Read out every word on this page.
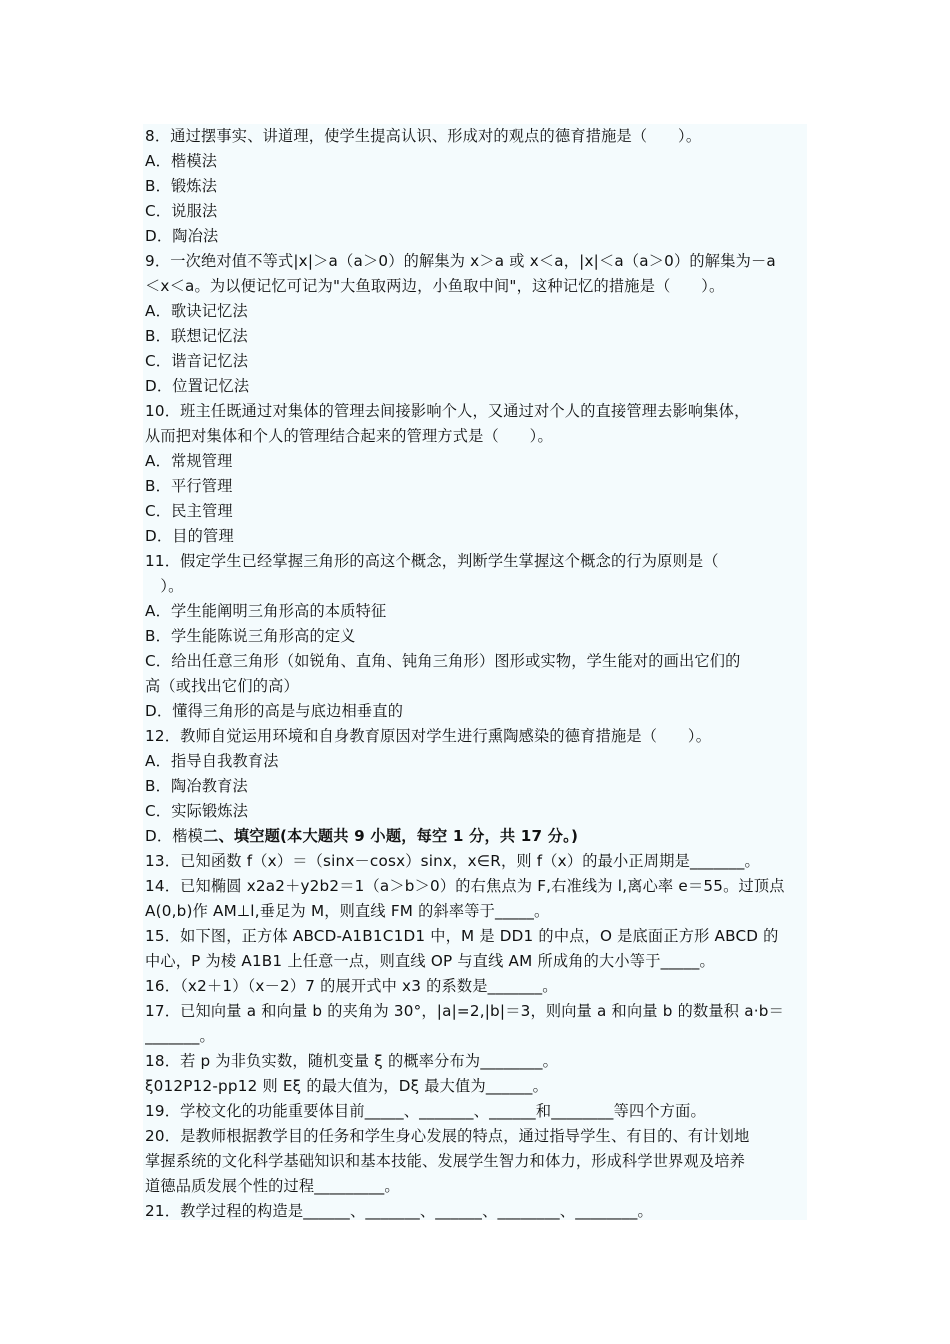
8．通过摆事实、讲道理，使学生提高认识、形成对的观点的德育措施是（　　）。
A．楷模法
B．锻炼法
C．说服法
D．陶冶法
9．一次绝对值不等式|x|＞a（a＞0）的解集为 x＞a 或 x＜a，|x|＜a（a＞0）的解集为－a
＜x＜a。为以便记忆可记为"大鱼取两边，小鱼取中间"，这种记忆的措施是（　　）。
A．歌诀记忆法
B．联想记忆法
C．谐音记忆法
D．位置记忆法
10．班主任既通过对集体的管理去间接影响个人，又通过对个人的直接管理去影响集体，
从而把对集体和个人的管理结合起来的管理方式是（　　）。
A．常规管理
B．平行管理
C．民主管理
D．目的管理
11．假定学生已经掌握三角形的高这个概念，判断学生掌握这个概念的行为原则是（
　）。
A．学生能阐明三角形高的本质特征
B．学生能陈说三角形高的定义
C．给出任意三角形（如锐角、直角、钝角三角形）图形或实物，学生能对的画出它们的
高（或找出它们的高）
D．懂得三角形的高是与底边相垂直的
12．教师自觉运用环境和自身教育原因对学生进行熏陶感染的德育措施是（　　）。
A．指导自我教育法
B．陶冶教育法
C．实际锻炼法
D．楷模二、填空题(本大题共 9 小题，每空 1 分，共 17 分。)
13．已知函数 f（x）＝（sinx－cosx）sinx，x∈R，则 f（x）的最小正周期是_______。
14．已知椭圆 x2a2＋y2b2＝1（a＞b＞0）的右焦点为 F,右准线为 l,离心率 e＝55。过顶点
A(0,b)作 AM⊥l,垂足为 M，则直线 FM 的斜率等于_____。
15．如下图，正方体 ABCD-A1B1C1D1 中，M 是 DD1 的中点，O 是底面正方形 ABCD 的
中心，P 为棱 A1B1 上任意一点，则直线 OP 与直线 AM 所成角的大小等于_____。
16．（x2＋1）（x－2）7 的展开式中 x3 的系数是_______。
17．已知向量 a 和向量 b 的夹角为 30°，|a|=2,|b|＝3，则向量 a 和向量 b 的数量积 a·b＝
_______。
18．若 p 为非负实数，随机变量 ξ 的概率分布为________。
ξ012P12-pp12 则 Eξ 的最大值为，Dξ 最大值为______。
19．学校文化的功能重要体目前_____、_______、______和________等四个方面。
20．是教师根据教学目的任务和学生身心发展的特点，通过指导学生、有目的、有计划地
掌握系统的文化科学基础知识和基本技能、发展学生智力和体力，形成科学世界观及培养
道德品质发展个性的过程_________。
21．教学过程的构造是______、_______、______、________、________。
